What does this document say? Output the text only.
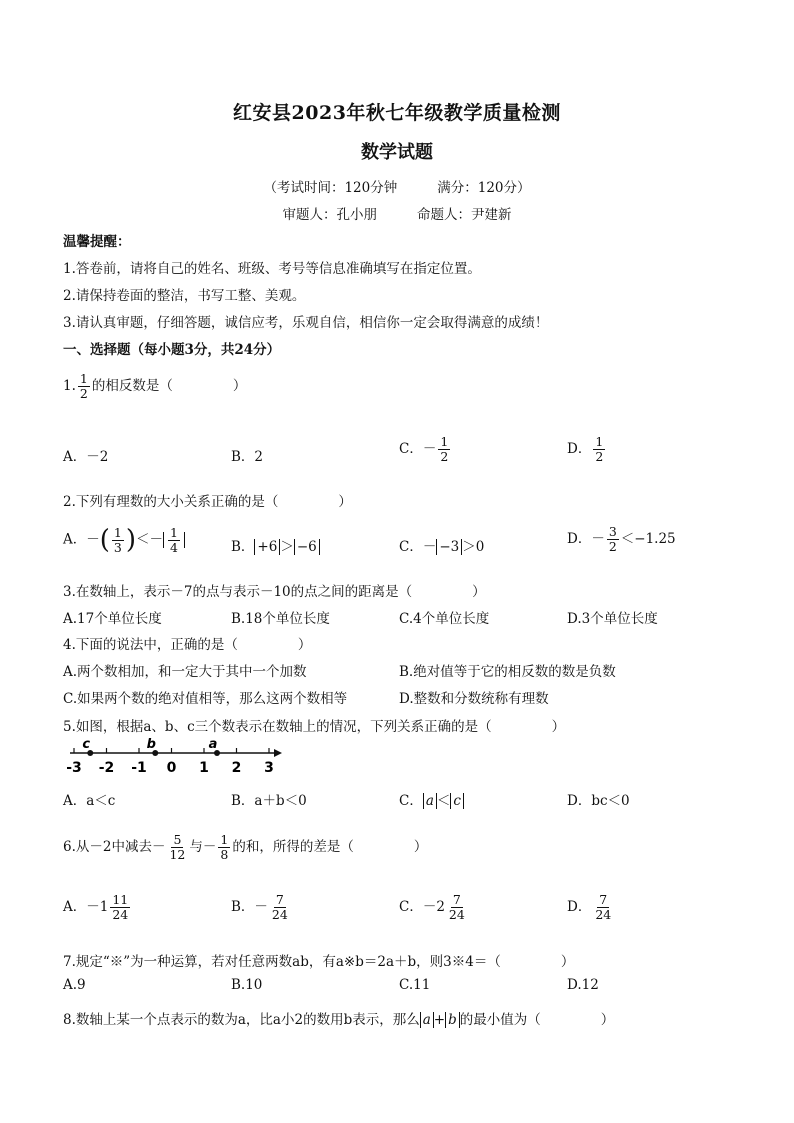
红安县2023年秋七年级教学质量检测
数学试题
（考试时间：120分钟	满分：120分）
审题人：孔小朋	命题人：尹建新
温馨提醒：
1.答卷前，请将自己的姓名、班级、考号等信息准确填写在指定位置。
2.请保持卷面的整洁，书写工整、美观。
3.请认真审题，仔细答题，诚信应考，乐观自信，相信你一定会取得满意的成绩！
一、选择题（每小题3分，共24分）
1. $\frac{1}{2}$ 的相反数是（	）
A．－2	B．2	C．－ $\frac{1}{2}$	D． $\frac{1}{2}$
2.下列有理数的大小关系正确的是（	）
A．－( $\frac{1}{3}$ )＜－ $\frac{1}{4}$	B． +6 ＞ −6	C．－ −3 ＞0	D．－ $\frac{3}{2} <-1.25$
3.在数轴上，表示－7的点与表示－10的点之间的距离是（	）
A.17个单位长度	B.18个单位长度	C.4个单位长度	D.3个单位长度
4.下面的说法中，正确的是（	）
A.两个数相加，和一定大于其中一个加数	B.绝对值等于它的相反数的数是负数
C.如果两个数的绝对值相等，那么这两个数相等	D.整数和分数统称有理数
5.如图，根据a、b、c三个数表示在数轴上的情况，下列关系正确的是（	）
-3 -2 -1 0 1 2 3
c	b	a
A．a＜c	B．a＋b＜0	C． a ＜ c	D．bc＜0
6.从－2中减去－ $\frac{5}{12}$ 与－ $\frac{1}{8}$ 的和，所得的差是（	）
A．$-1 \frac{11}{24}$	B．－ $\frac{7}{24}$	C．$-2 \frac{7}{24}$	D． $\frac{7}{24}$
7.规定“※”为一种运算，若对任意两数ab，有a※b＝2a＋b，则3※4＝（	）
A.9	B.10	C.11	D.12
8.数轴上某一个点表示的数为a，比a小2的数用b表示，那么 a + b 的最小值为（	）
